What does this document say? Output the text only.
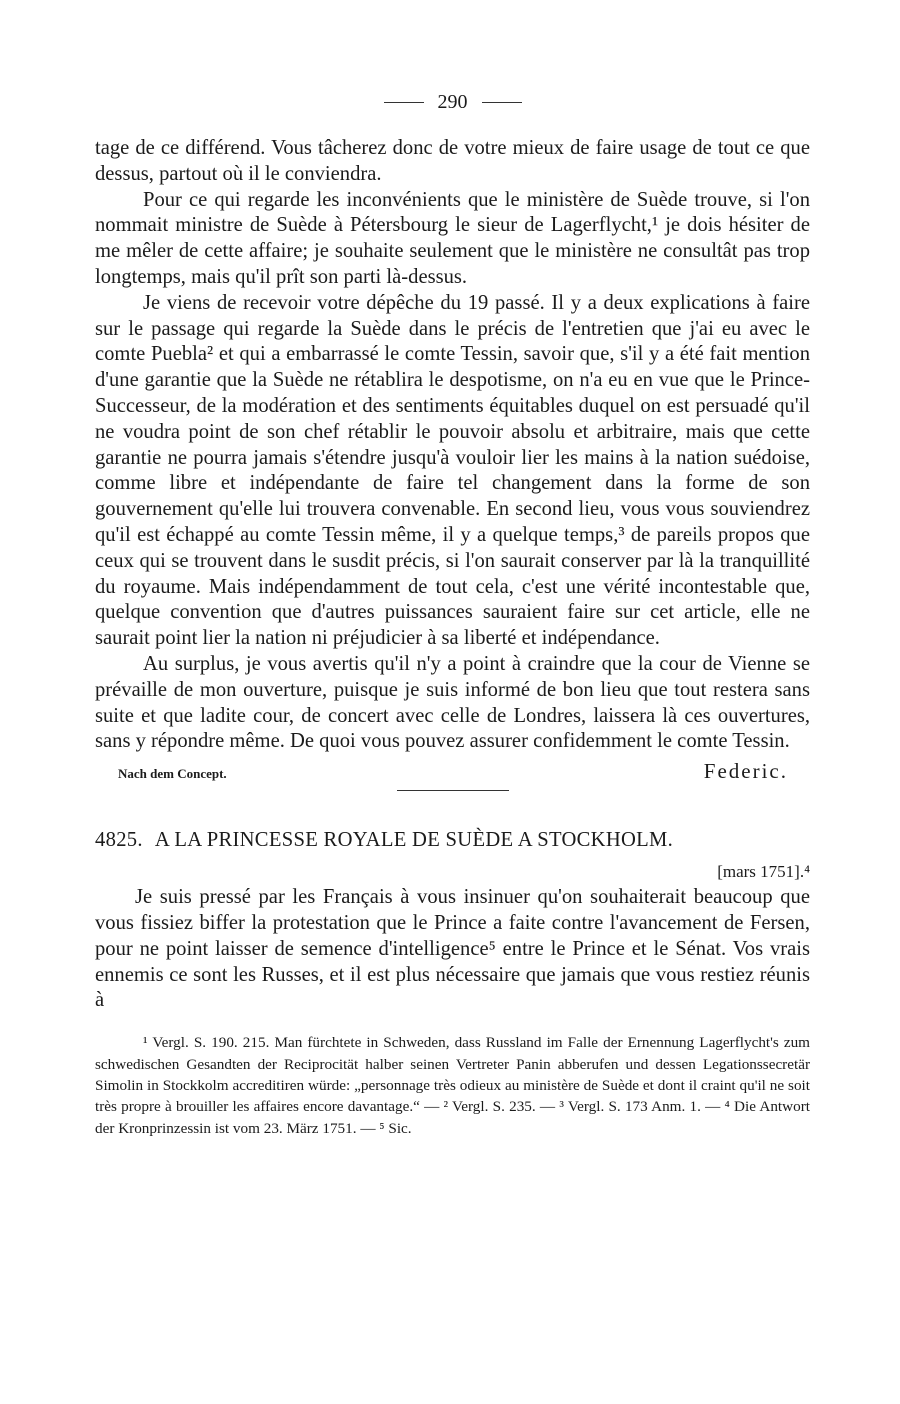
290

tage de ce différend. Vous tâcherez donc de votre mieux de faire usage de tout ce que dessus, partout où il le conviendra.

Pour ce qui regarde les inconvénients que le ministère de Suède trouve, si l'on nommait ministre de Suède à Pétersbourg le sieur de Lagerflycht,¹ je dois hésiter de me mêler de cette affaire; je souhaite seulement que le ministère ne consultât pas trop longtemps, mais qu'il prît son parti là-dessus.

Je viens de recevoir votre dépêche du 19 passé. Il y a deux explications à faire sur le passage qui regarde la Suède dans le précis de l'entretien que j'ai eu avec le comte Puebla² et qui a embarrassé le comte Tessin, savoir que, s'il y a été fait mention d'une garantie que la Suède ne rétablira le despotisme, on n'a eu en vue que le Prince-Successeur, de la modération et des sentiments équitables duquel on est persuadé qu'il ne voudra point de son chef rétablir le pouvoir absolu et arbitraire, mais que cette garantie ne pourra jamais s'étendre jusqu'à vouloir lier les mains à la nation suédoise, comme libre et indépendante de faire tel changement dans la forme de son gouvernement qu'elle lui trouvera convenable. En second lieu, vous vous souviendrez qu'il est échappé au comte Tessin même, il y a quelque temps,³ de pareils propos que ceux qui se trouvent dans le susdit précis, si l'on saurait conserver par là la tranquillité du royaume. Mais indépendamment de tout cela, c'est une vérité incontestable que, quelque convention que d'autres puissances sauraient faire sur cet article, elle ne saurait point lier la nation ni préjudicier à sa liberté et indépendance.

Au surplus, je vous avertis qu'il n'y a point à craindre que la cour de Vienne se prévaille de mon ouverture, puisque je suis informé de bon lieu que tout restera sans suite et que ladite cour, de concert avec celle de Londres, laissera là ces ouvertures, sans y répondre même. De quoi vous pouvez assurer confidemment le comte Tessin.

Nach dem Concept.	Federic.
4825. A LA PRINCESSE ROYALE DE SUÈDE A STOCKHOLM.
[mars 1751].⁴

Je suis pressé par les Français à vous insinuer qu'on souhaiterait beaucoup que vous fissiez biffer la protestation que le Prince a faite contre l'avancement de Fersen, pour ne point laisser de semence d'intelligence⁵ entre le Prince et le Sénat. Vos vrais ennemis ce sont les Russes, et il est plus nécessaire que jamais que vous restiez réunis à

¹ Vergl. S. 190. 215. Man fürchtete in Schweden, dass Russland im Falle der Ernennung Lagerflycht's zum schwedischen Gesandten der Reciprocität halber seinen Vertreter Panin abberufen und dessen Legationssecretär Simolin in Stockkolm accreditiren würde: „personnage très odieux au ministère de Suède et dont il craint qu'il ne soit très propre à brouiller les affaires encore davantage.“ — ² Vergl. S. 235. — ³ Vergl. S. 173 Anm. 1. — ⁴ Die Antwort der Kronprinzessin ist vom 23. März 1751. — ⁵ Sic.
